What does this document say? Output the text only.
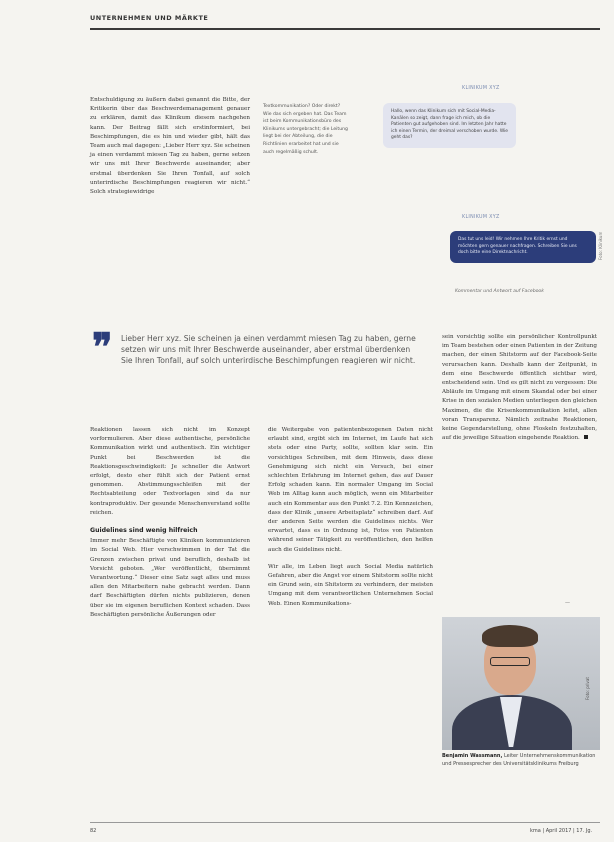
UNTERNEHMEN UND MÄRKTE

Entschuldigung zu äußern dabei genannt die Bitte, der Kritikerin über das Beschwerdemanagement genauer zu erklären, damit das Klinikum diesem nachgehen kann. Der Beitrag fällt sich erstinformiert, bei Beschimpfungen, die es hin und wieder gibt, hält das Team auch mal dagegen: „Lieber Herr xyz. Sie scheinen ja einen verdammt miesen Tag zu haben, gerne setzen wir uns mit Ihrer Beschwerde auseinander, aber erstmal überdenken Sie Ihren Tonfall, auf solch unterirdische Beschimpfungen reagieren wir nicht.“ Solch strategiewidrige

Textkommunikation? Oder direkt? Wie das sich ergeben hat. Das Team ist beim Kommunikationsbüro des Klinikums untergebracht; die Leitung liegt bei der Abteilung, die die Richtlinien erarbeitet hat und sie auch regelmäßig schult.
KLINIKUM XYZ
Hallo, wenn das Klinikum sich mit Social-Media-Kanälen so zeigt, dann frage ich mich, ob die Patienten gut aufgehoben sind. Im letzten Jahr hatte ich einen Termin, der dreimal verschoben wurde. Wie geht das?
KLINIKUM XYZ
Das tut uns leid! Wir nehmen Ihre Kritik ernst und möchten gern genauer nachfragen. Schreiben Sie uns doch bitte eine Direktnachricht.
Kommentar und Antwort auf Facebook
Foto: Klinikum
❞ Lieber Herr xyz. Sie scheinen ja einen verdammt miesen Tag zu haben, gerne setzen wir uns mit Ihrer Beschwerde auseinander, aber erstmal überdenken Sie Ihren Tonfall, auf solch unterirdische Beschimpfungen reagieren wir nicht.

sein vorsichtig sollte ein persönlicher Kontrollpunkt im Team bestehen oder einen Patienten in der Zeitung machen, der einen Shitstorm auf der Facebook-Seite verursachen kann. Deshalb kann der Zeitpunkt, in dem eine Beschwerde öffentlich sichtbar wird, entscheidend sein. Und es gilt nicht zu vergessen: Die Abläufe im Umgang mit einem Skandal oder bei einer Krise in den sozialen Medien unterliegen den gleichen Maximen, die die Krisenkommunikation leitet, allen voran Transparenz. Nämlich zeitnahe Reaktionen, keine Gegendarstellung, ohne Floskeln festzuhalten, auf die jeweilige Situation eingehende Reaktion.

Reaktionen lassen sich nicht im Konzept vorformulieren. Aber diese authentische, persönliche Kommunikation wirkt und authentisch. Ein wichtiger Punkt bei Beschwerden ist die Reaktionsgeschwindigkeit: Je schneller die Antwort erfolgt, desto eher fühlt sich der Patient ernst genommen. Abstimmungsschleifen mit der Rechtsabteilung oder Textvorlagen sind da nur kontraproduktiv. Der gesunde Menschenverstand sollte reichen.

Guidelines sind wenig hilfreich

Immer mehr Beschäftigte von Kliniken kommunizieren im Social Web. Hier verschwimmen in der Tat die Grenzen zwischen privat und beruflich, deshalb ist Vorsicht geboten. „Wer veröffentlicht, übernimmt Verantwortung.“ Dieser eine Satz sagt alles und muss allen den Mitarbeitern nahe gebracht werden. Dann darf Beschäftigten dürfen nichts publizieren, denen über sie im eigenen beruflichen Kontext schaden. Dass Beschäftigten persönliche Äußerungen oder

die Weitergabe von patientenbezogenen Daten nicht erlaubt sind, ergibt sich im Internet, im Laufe hat sich stets oder eine Party, sollte, sollten klar sein. Ein vorsichtiges Schreiben, mit dem Hinweis, dass diese Genehmigung sich nicht ein Versuch, bei einer schlechten Erfahrung im Internet gehen, das auf Dauer Erfolg schaden kann. Ein normaler Umgang im Social Web im Alltag kann auch möglich, wenn ein Mitarbeiter auch ein Kommentar aus den Punkt 7.2. Ein Kennzeichen, dass der Klinik „unsere Arbeitsplatz“ schreiben darf. Auf der anderen Seite werden die Guidelines nichts. Wer erwartet, dass es in Ordnung ist, Fotos von Patienten während seiner Tätigkeit zu veröffentlichen, den helfen auch die Guidelines nicht.

Wir alle, im Leben liegt auch Social Media natürlich Gefahren, aber die Angst vor einem Shitstorm sollte nicht ein Grund sein, ein Shitstorm zu verhindern, der meisten Umgang mit dem verantwortlichen Unternehmen Social Web. Einen Kommunikations-	—
Foto: privat
Benjamin Wassmann, Leiter Unternehmenskommunikation und Pressesprecher des Universitätsklinikums Freiburg
82	kma | April 2017 | 17. Jg.
